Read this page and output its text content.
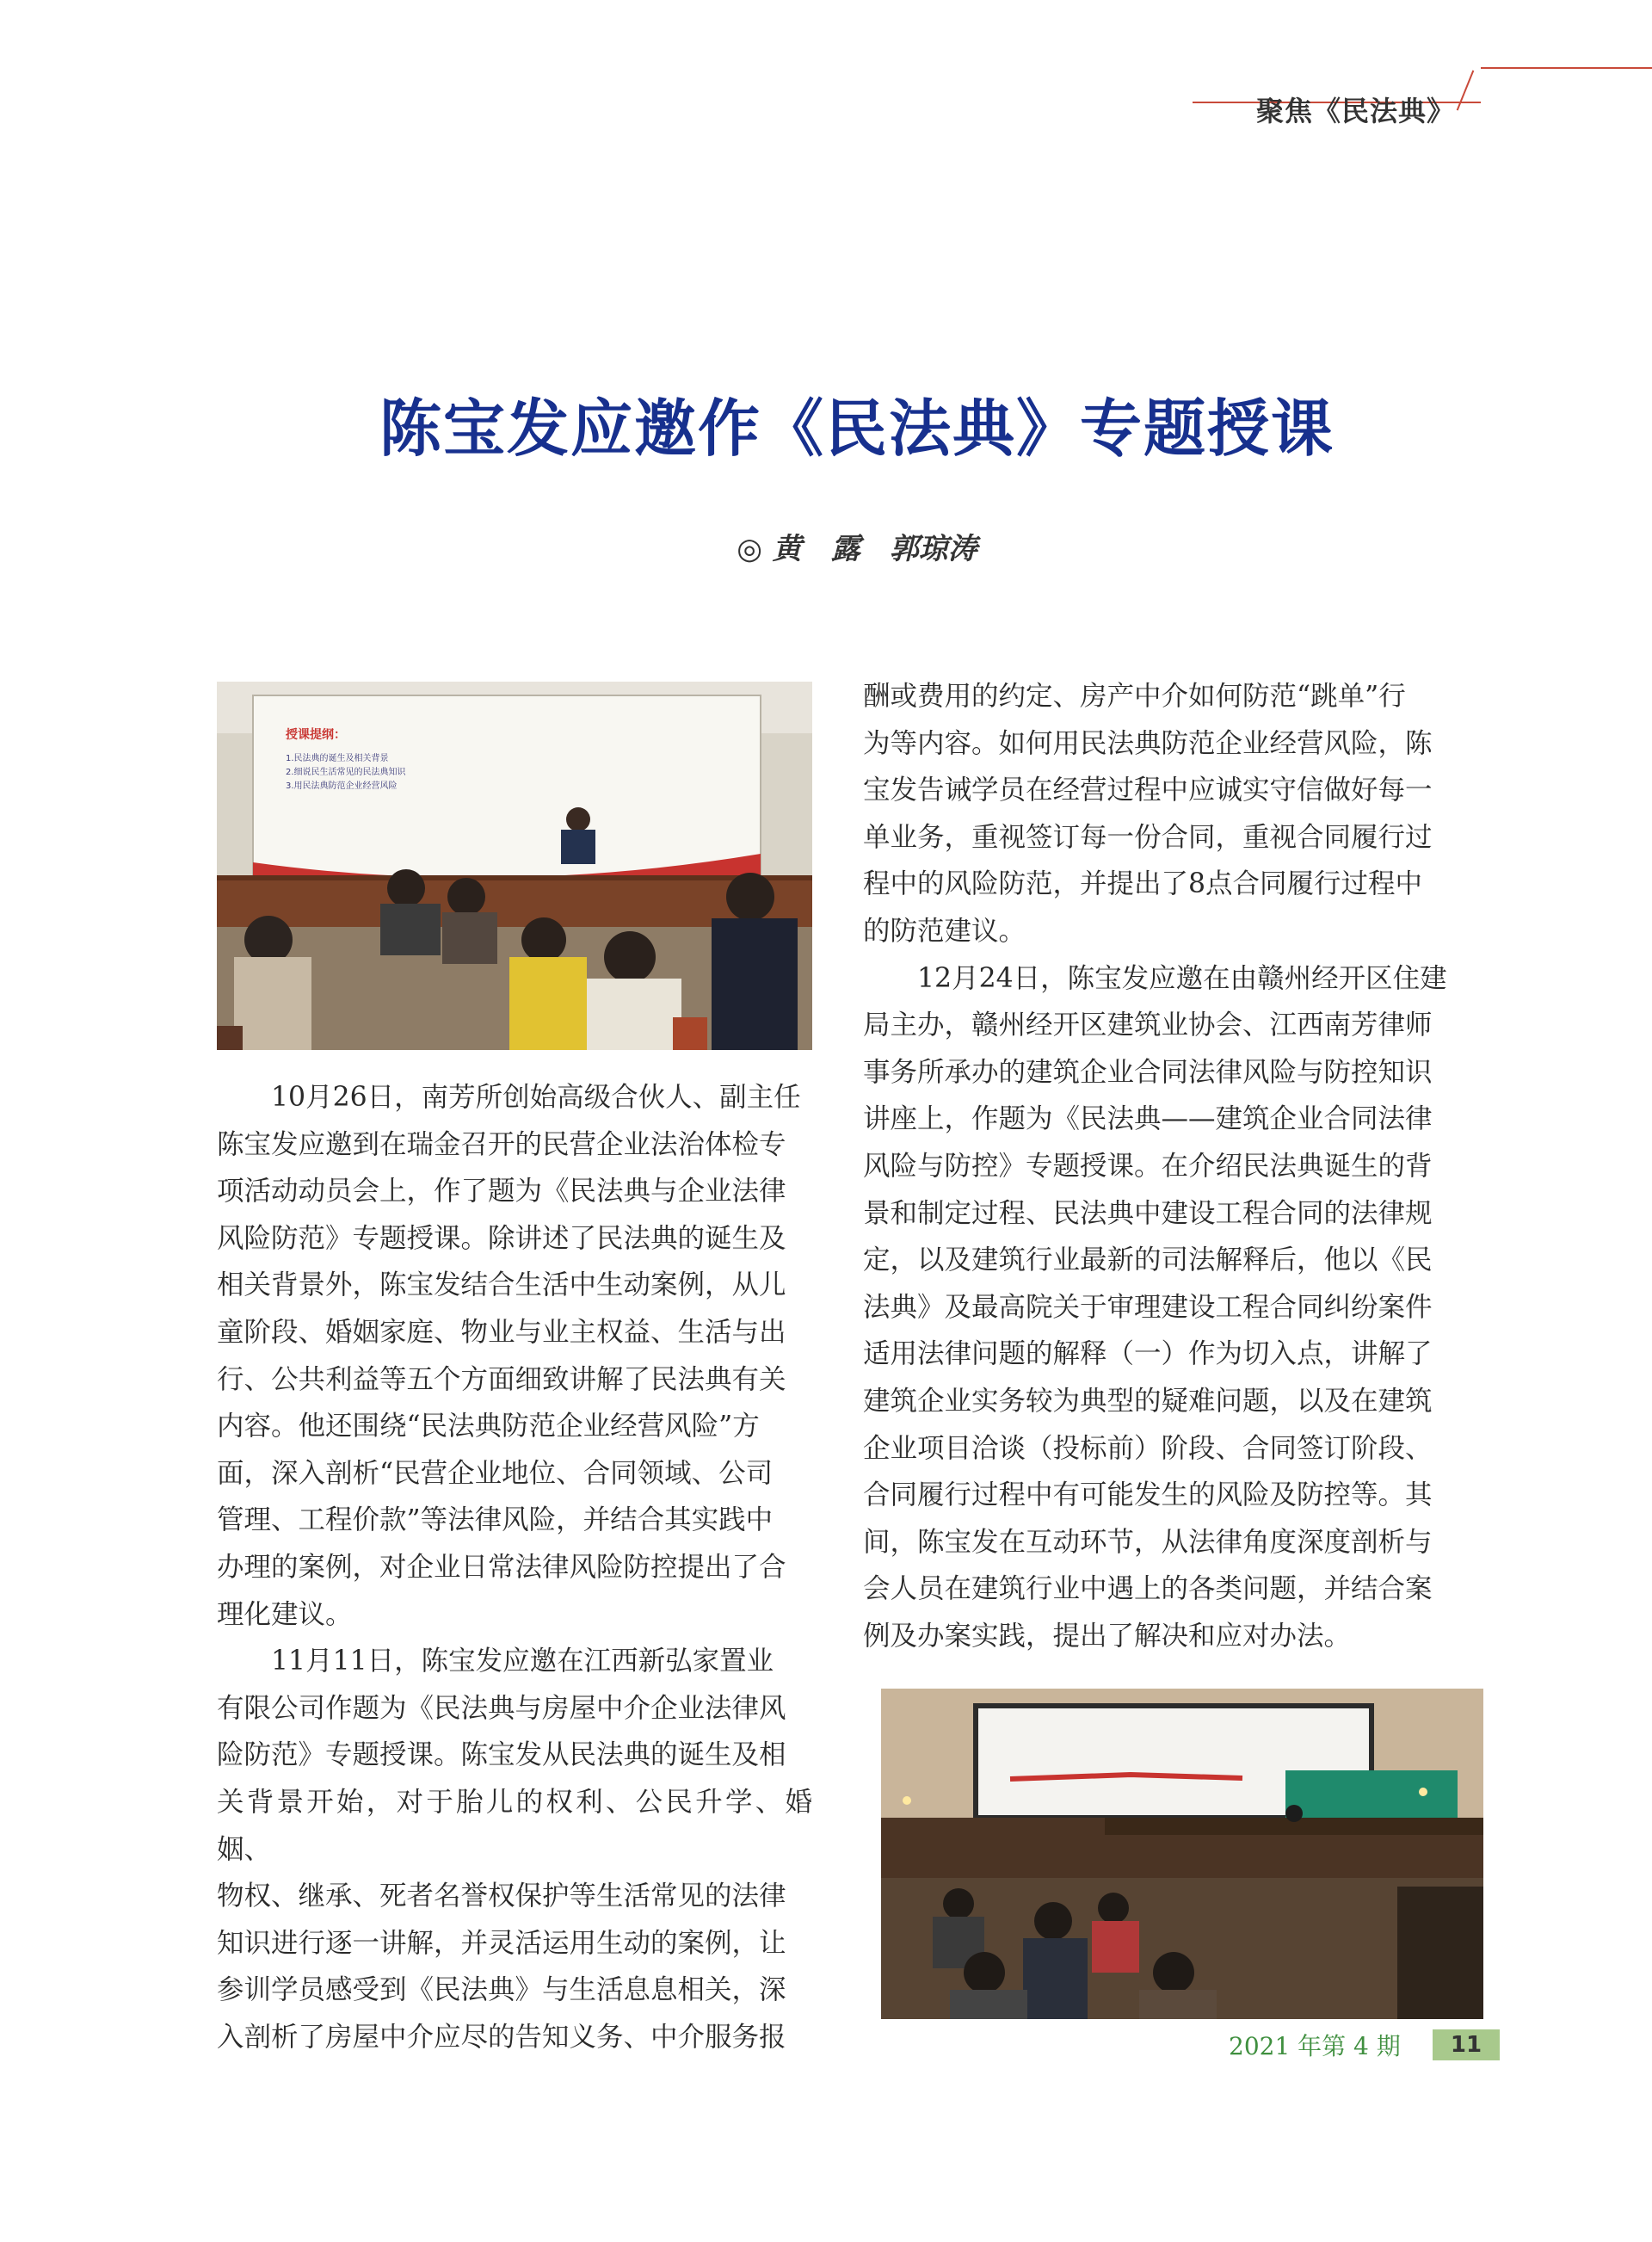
聚焦《民法典》
陈宝发应邀作《民法典》专题授课
◎ 黄　露　郭琼涛
授课提纲：
1.民法典的诞生及相关背景
2.细说民生活常见的民法典知识
3.用民法典防范企业经营风险

10月26日，南芳所创始高级合伙人、副主任

陈宝发应邀到在瑞金召开的民营企业法治体检专

项活动动员会上，作了题为《民法典与企业法律

风险防范》专题授课。除讲述了民法典的诞生及

相关背景外，陈宝发结合生活中生动案例，从儿

童阶段、婚姻家庭、物业与业主权益、生活与出

行、公共利益等五个方面细致讲解了民法典有关

内容。他还围绕“民法典防范企业经营风险”方

面，深入剖析“民营企业地位、合同领域、公司

管理、工程价款”等法律风险，并结合其实践中

办理的案例，对企业日常法律风险防控提出了合

理化建议。

11月11日，陈宝发应邀在江西新弘家置业

有限公司作题为《民法典与房屋中介企业法律风

险防范》专题授课。陈宝发从民法典的诞生及相

关背景开始，对于胎儿的权利、公民升学、婚姻、

物权、继承、死者名誉权保护等生活常见的法律

知识进行逐一讲解，并灵活运用生动的案例，让

参训学员感受到《民法典》与生活息息相关，深

入剖析了房屋中介应尽的告知义务、中介服务报

酬或费用的约定、房产中介如何防范“跳单”行

为等内容。如何用民法典防范企业经营风险，陈

宝发告诫学员在经营过程中应诚实守信做好每一

单业务，重视签订每一份合同，重视合同履行过

程中的风险防范，并提出了8点合同履行过程中

的防范建议。

12月24日，陈宝发应邀在由赣州经开区住建

局主办，赣州经开区建筑业协会、江西南芳律师

事务所承办的建筑企业合同法律风险与防控知识

讲座上，作题为《民法典——建筑企业合同法律

风险与防控》专题授课。在介绍民法典诞生的背

景和制定过程、民法典中建设工程合同的法律规

定，以及建筑行业最新的司法解释后，他以《民

法典》及最高院关于审理建设工程合同纠纷案件

适用法律问题的解释（一）作为切入点，讲解了

建筑企业实务较为典型的疑难问题，以及在建筑

企业项目洽谈（投标前）阶段、合同签订阶段、

合同履行过程中有可能发生的风险及防控等。其

间，陈宝发在互动环节，从法律角度深度剖析与

会人员在建筑行业中遇上的各类问题，并结合案

例及办案实践，提出了解决和应对办法。

2021 年第 4 期	11
